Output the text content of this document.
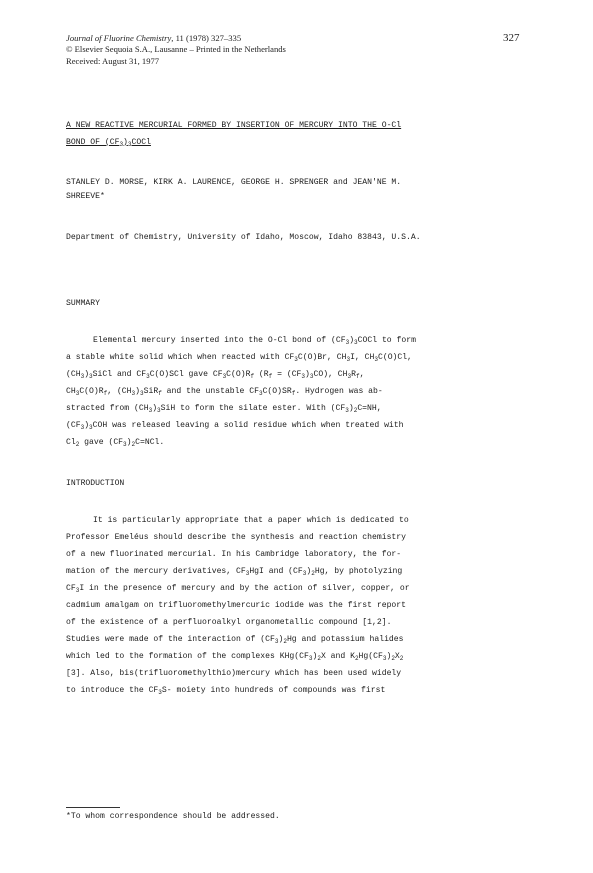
Journal of Fluorine Chemistry, 11 (1978) 327–335
© Elsevier Sequoia S.A., Lausanne – Printed in the Netherlands
Received: August 31, 1977
327
A NEW REACTIVE MERCURIAL FORMED BY INSERTION OF MERCURY INTO THE O-Cl
BOND OF $(CF_3)_3COCl$
STANLEY D. MORSE, KIRK A. LAURENCE, GEORGE H. SPRENGER and JEAN'NE M.
SHREEVE*
Department of Chemistry, University of Idaho, Moscow, Idaho 83843, U.S.A.
SUMMARY
Elemental mercury inserted into the O-Cl bond of $(CF_3)_3COCl$ to form
a stable white solid which when reacted with $CF_3C(O)Br$, $CH_3I$, $CH_3C(O)Cl$,
$(CH_3)_3SiCl$ and $CF_3C(O)SCl$ gave $CF_3C(O)R_f$ $(R_f = (CF_3)_3CO)$, $CH_3R_f$,
$CH_3C(O)R_f$, $(CH_3)_3SiR_f$ and the unstable $CF_3C(O)SR_f$. Hydrogen was ab-
stracted from $(CH_3)_3SiH$ to form the silate ester. With $(CF_3)_2C=NH$,
$(CF_3)_3COH$ was released leaving a solid residue which when treated with
$Cl_2$ gave $(CF_3)_2C=NCl$.
INTRODUCTION
It is particularly appropriate that a paper which is dedicated to
Professor Emeléus should describe the synthesis and reaction chemistry
of a new fluorinated mercurial. In his Cambridge laboratory, the for-
mation of the mercury derivatives, $CF_3HgI$ and $(CF_3)_2Hg$, by photolyzing
$CF_3I$ in the presence of mercury and by the action of silver, copper, or
cadmium amalgam on trifluoromethylmercuric iodide was the first report
of the existence of a perfluoroalkyl organometallic compound [1,2].
Studies were made of the interaction of $(CF_3)_2Hg$ and potassium halides
which led to the formation of the complexes $KHg(CF_3)_2X$ and $K_2Hg(CF_3)_2X_2$
[3]. Also, bis(trifluoromethylthio)mercury which has been used widely
to introduce the $CF_3S-$ moiety into hundreds of compounds was first
*To whom correspondence should be addressed.
